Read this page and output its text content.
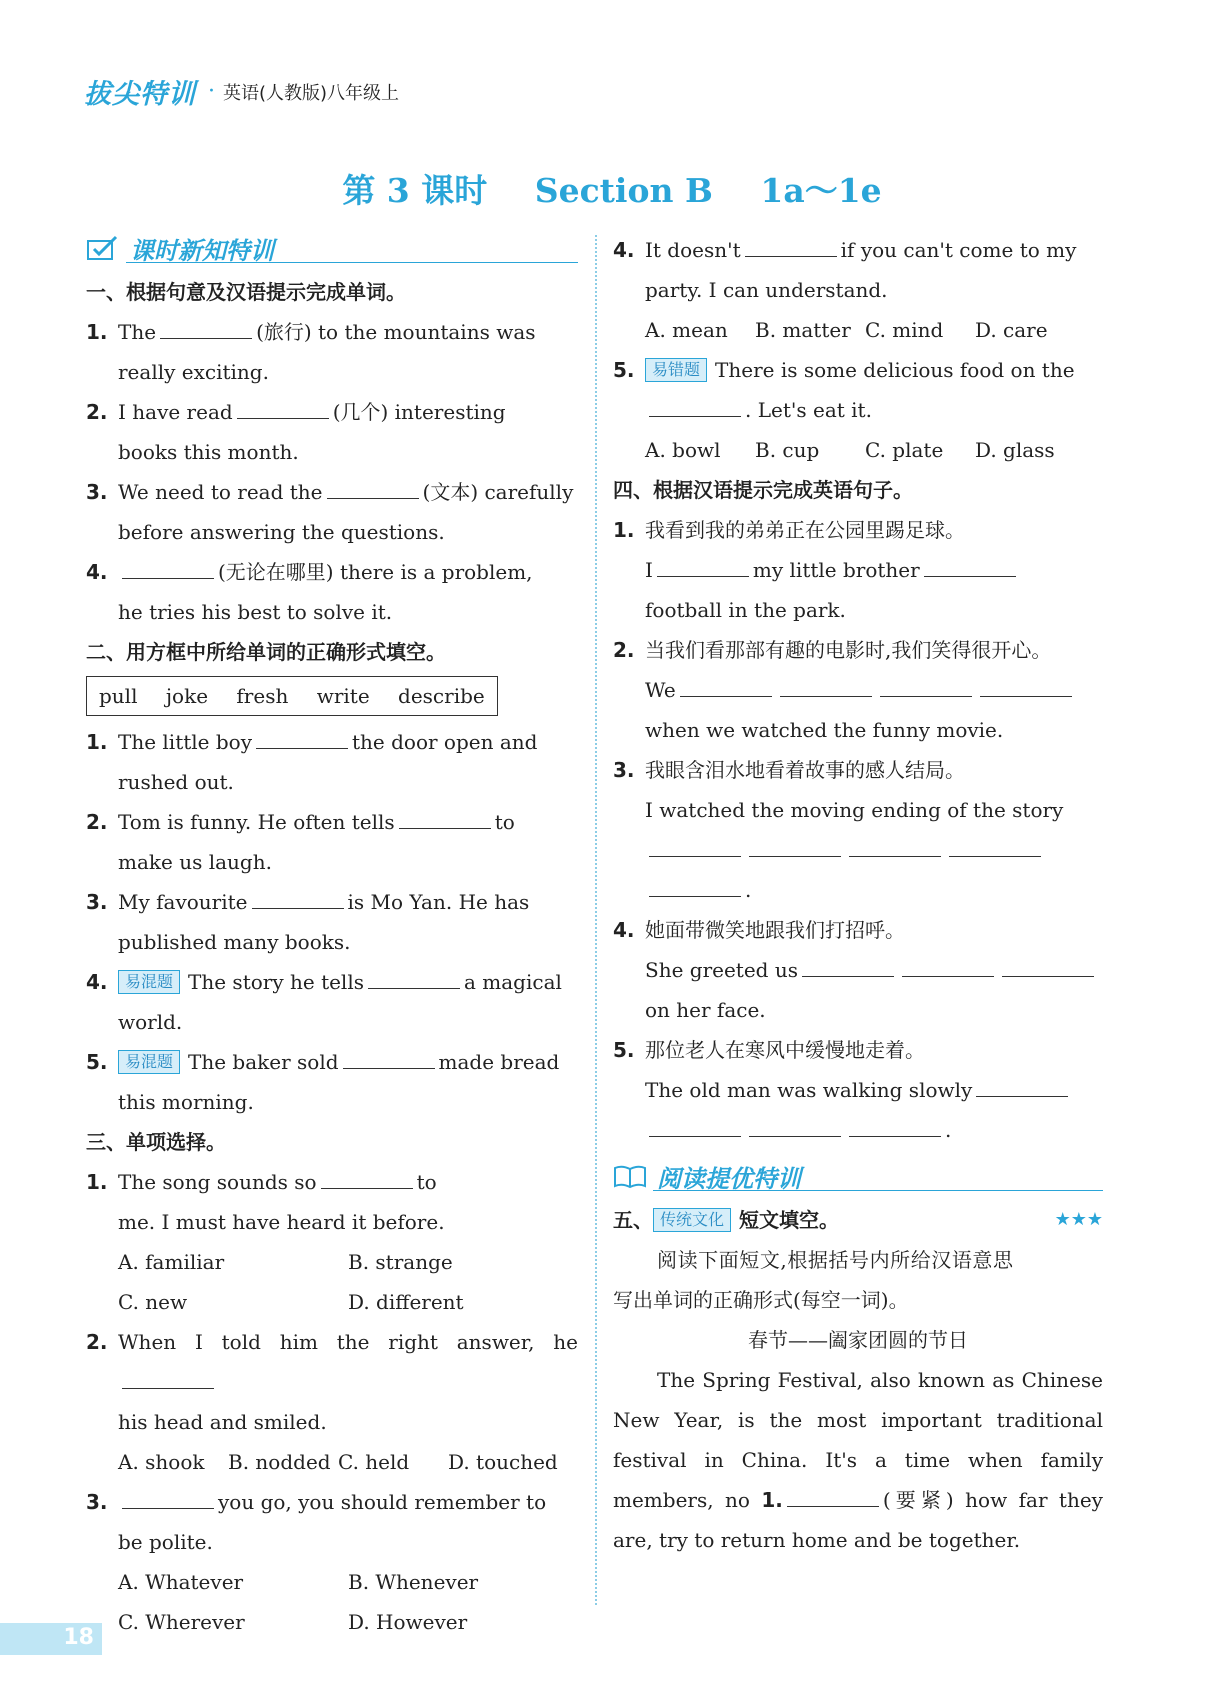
拔尖特训 · 英语(人教版)八年级上
第 3 课时 Section B 1a～1e
课时新知特训
一、根据句意及汉语提示完成单词。
1. The	(旅行) to the mountains was
really exciting.
2. I have read	(几个) interesting
books this month.
3. We need to read the	(文本) carefully
before answering the questions.
4.	(无论在哪里) there is a problem,
he tries his best to solve it.
二、用方框中所给单词的正确形式填空。
pull joke fresh write describe
1. The little boy	the door open and
rushed out.
2. Tom is funny. He often tells	to
make us laugh.
3. My favourite	is Mo Yan. He has
published many books.
4. 易混题 The story he tells	a magical
world.
5. 易混题 The baker sold	made bread
this morning.
三、单项选择。
1. The song sounds so	to
me. I must have heard it before.
A. familiar	B. strange
C. new	D. different
2. When I told him the right answer, he
his head and smiled.
A. shook	B. nodded C. held	D. touched
3.	you go, you should remember to
be polite.
A. Whatever	B. Whenever
C. Wherever	D. However
4. It doesn't	if you can't come to my
party. I can understand.
A. mean	B. matter C. mind	D. care
5. 易错题 There is some delicious food on the
. Let's eat it.
A. bowl	B. cup	C. plate	D. glass
四、根据汉语提示完成英语句子。
1. 我看到我的弟弟正在公园里踢足球。
I	my little brother
football in the park.
2. 当我们看那部有趣的电影时,我们笑得很开心。
We
when we watched the funny movie.
3. 我眼含泪水地看着故事的感人结局。
I watched the moving ending of the story
.
4. 她面带微笑地跟我们打招呼。
She greeted us
on her face.
5. 那位老人在寒风中缓慢地走着。
The old man was walking slowly
.
阅读提优特训
五、 传统文化 短文填空。	★★★
阅读下面短文,根据括号内所给汉语意思写出单词的正确形式(每空一词)。
春节——阖家团圆的节日
The Spring Festival, also known as Chinese New Year, is the most important traditional festival in China. It's a time when family members, no 1.	(要紧) how far they are, try to return home and be together.
18
